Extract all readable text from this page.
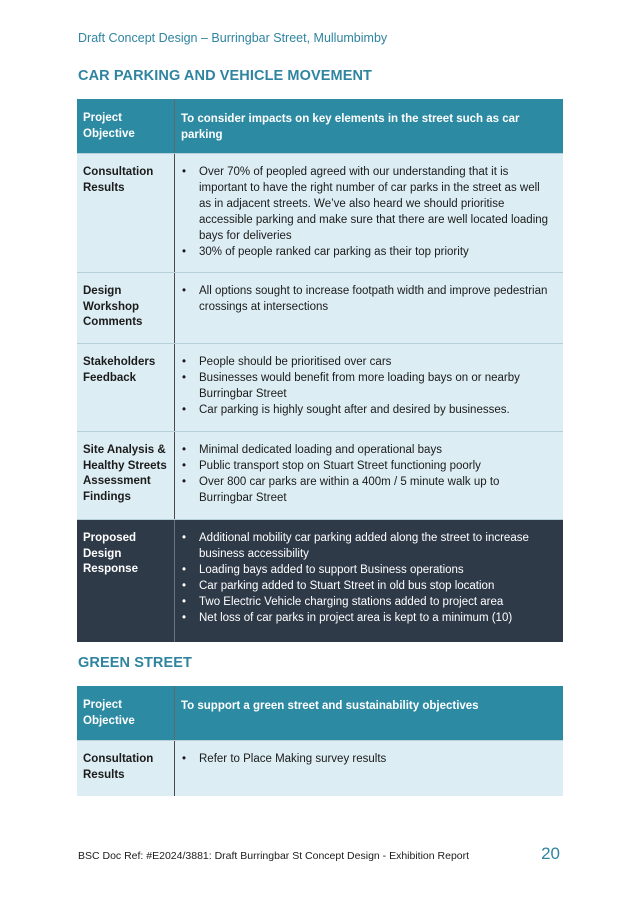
Draft Concept Design – Burringbar Street, Mullumbimby
CAR PARKING AND VEHICLE MOVEMENT
Project Objective
To consider impacts on key elements in the street such as car parking
Consultation Results
• Over 70% of peopled agreed with our understanding that it is important to have the right number of car parks in the street as well as in adjacent streets. We’ve also heard we should prioritise accessible parking and make sure that there are well located loading bays for deliveries
• 30% of people ranked car parking as their top priority
Design Workshop Comments
• All options sought to increase footpath width and improve pedestrian crossings at intersections
Stakeholders Feedback
• People should be prioritised over cars
• Businesses would benefit from more loading bays on or nearby Burringbar Street
• Car parking is highly sought after and desired by businesses.
Site Analysis & Healthy Streets Assessment Findings
• Minimal dedicated loading and operational bays
• Public transport stop on Stuart Street functioning poorly
• Over 800 car parks are within a 400m / 5 minute walk up to Burringbar Street
Proposed Design Response
• Additional mobility car parking added along the street to increase business accessibility
• Loading bays added to support Business operations
• Car parking added to Stuart Street in old bus stop location
• Two Electric Vehicle charging stations added to project area
• Net loss of car parks in project area is kept to a minimum (10)
GREEN STREET
Project Objective
To support a green street and sustainability objectives
Consultation Results
• Refer to Place Making survey results
BSC Doc Ref: #E2024/3881: Draft Burringbar St Concept Design - Exhibition Report	20
